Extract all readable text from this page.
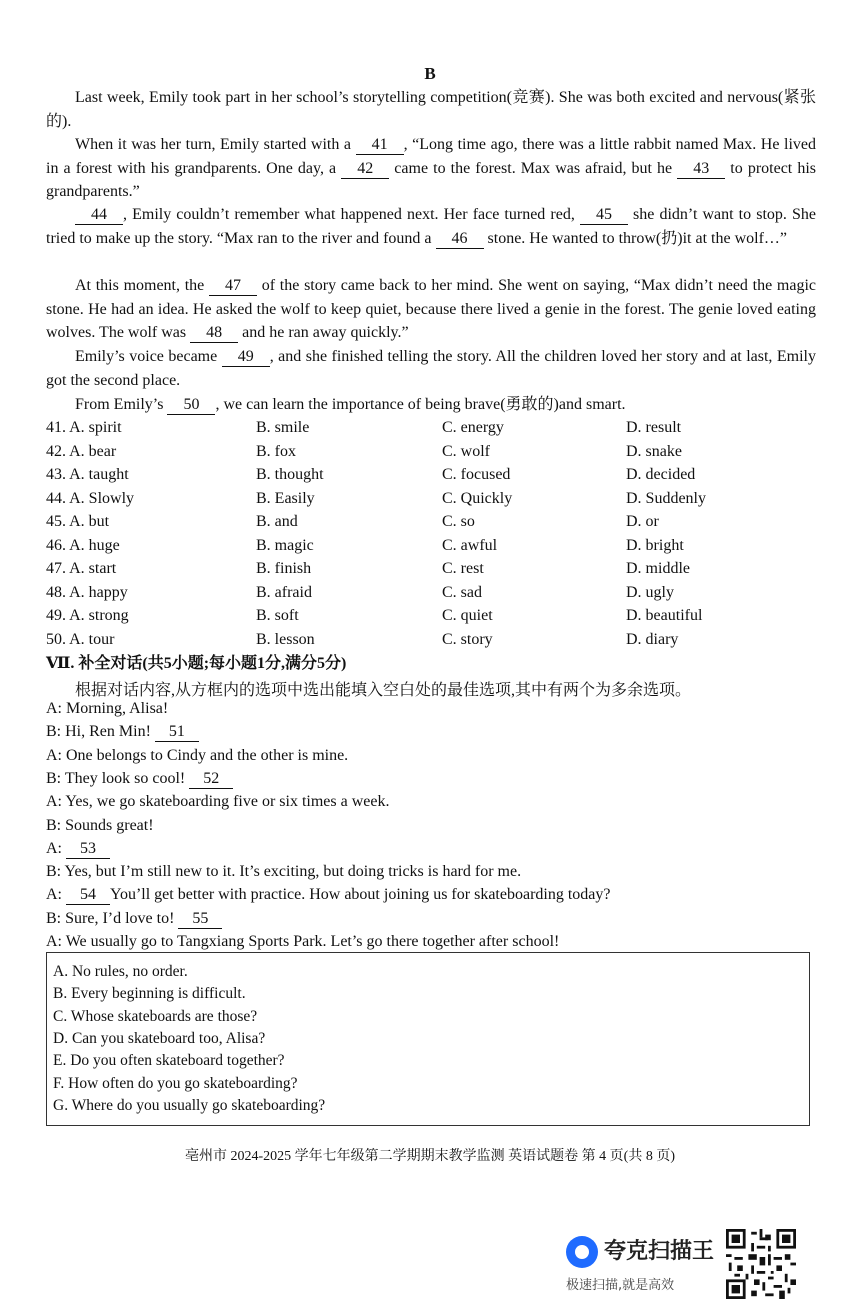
B
Last week, Emily took part in her school’s storytelling competition(竞赛). She was both excited and nervous(紧张的).
When it was her turn, Emily started with a 41 , “Long time ago, there was a little rabbit named Max. He lived in a forest with his grandparents. One day, a 42 came to the forest. Max was afraid, but he 43 to protect his grandparents.”
44 , Emily couldn’t remember what happened next. Her face turned red, 45 she didn’t want to stop. She tried to make up the story. “Max ran to the river and found a 46 stone. He wanted to throw(扔)it at the wolf…”
At this moment, the 47 of the story came back to her mind. She went on saying, “Max didn’t need the magic stone. He had an idea. He asked the wolf to keep quiet, because there lived a genie in the forest. The genie loved eating wolves. The wolf was 48 and he ran away quickly.”
Emily’s voice became 49 , and she finished telling the story. All the children loved her story and at last, Emily got the second place.
From Emily’s 50 , we can learn the importance of being brave(勇敢的)and smart.
41. A. spirit	B. smile	C. energy	D. result
42. A. bear	B. fox	C. wolf	D. snake
43. A. taught	B. thought	C. focused	D. decided
44. A. Slowly	B. Easily	C. Quickly	D. Suddenly
45. A. but	B. and	C. so	D. or
46. A. huge	B. magic	C. awful	D. bright
47. A. start	B. finish	C. rest	D. middle
48. A. happy	B. afraid	C. sad	D. ugly
49. A. strong	B. soft	C. quiet	D. beautiful
50. A. tour	B. lesson	C. story	D. diary
Ⅶ. 补全对话(共5小题;每小题1分,满分5分)
根据对话内容,从方框内的选项中选出能填入空白处的最佳选项,其中有两个为多余选项。
A: Morning, Alisa!
B: Hi, Ren Min! 51
A: One belongs to Cindy and the other is mine.
B: They look so cool! 52
A: Yes, we go skateboarding five or six times a week.
B: Sounds great!
A: 53
B: Yes, but I’m still new to it. It’s exciting, but doing tricks is hard for me.
A: 54 You’ll get better with practice. How about joining us for skateboarding today?
B: Sure, I’d love to! 55
A: We usually go to Tangxiang Sports Park. Let’s go there together after school!
A. No rules, no order.
B. Every beginning is difficult.
C. Whose skateboards are those?
D. Can you skateboard too, Alisa?
E. Do you often skateboard together?
F. How often do you go skateboarding?
G. Where do you usually go skateboarding?
亳州市 2024-2025 学年七年级第二学期期末教学监测 英语试题卷 第 4 页(共 8 页)
夸克扫描王
极速扫描,就是高效
